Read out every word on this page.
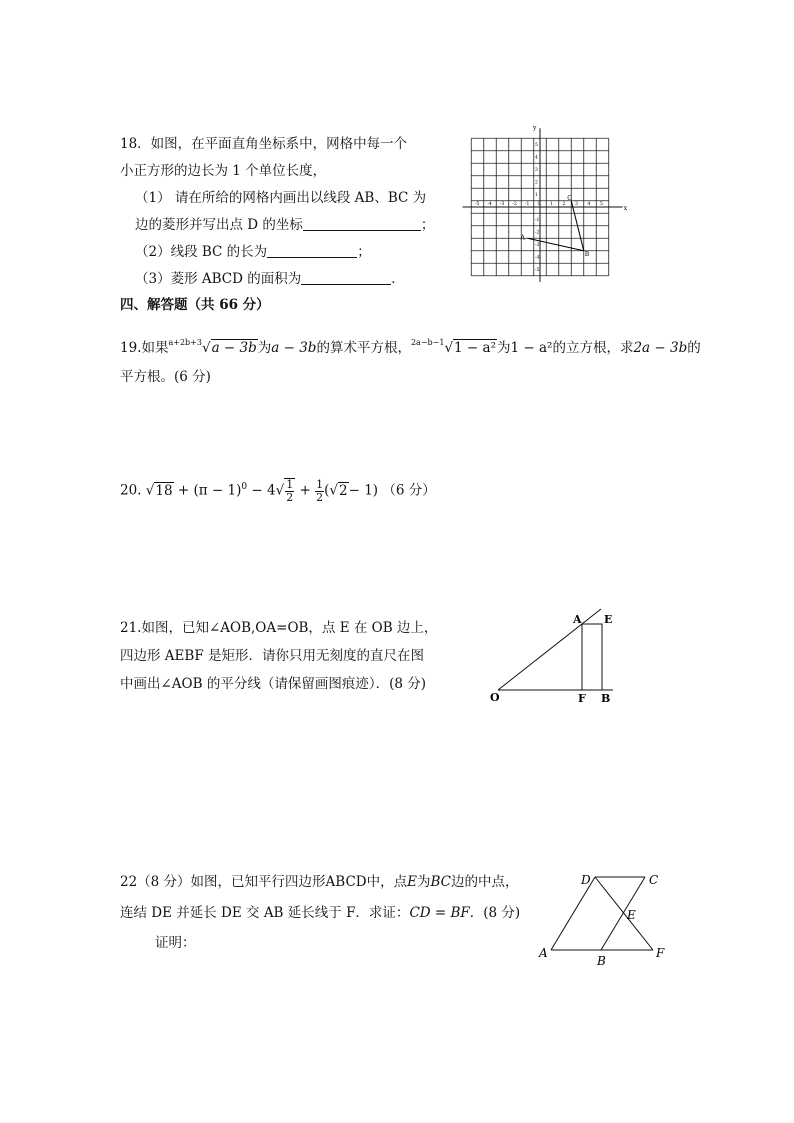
18．如图，在平面直角坐标系中，网格中每一个
小正方形的边长为 1 个单位长度，
（1） 请在所给的网格内画出以线段 AB、BC 为
边的菱形并写出点 D 的坐标	；
（2）线段 BC 的长为	；
（3）菱形 ABCD 的面积为	．
x
y
-5 -4 -3 -2 -1 0 1 2 3 4 5
5
4
3
2
1
-1
-2
-3
-4
-5
A
B
C
四、解答题（共 66 分）
19.如果$^{a+2b+3}$√a − 3b为a − 3b的算术平方根，$^{2a-b-1}$√1 − a²为1 − a²的立方根，求2a − 3b的
平方根。(6 分)
20. $√18 + (\pi - 1)^0 - 4√ \frac{1}{2} + \frac{1}{2} (√2- 1)$ （6 分）
21.如图，已知∠AOB,OA=OB，点 E 在 OB 边上，
四边形 AEBF 是矩形．请你只用无刻度的直尺在图
中画出∠AOB 的平分线（请保留画图痕迹）．(8 分)
O
A E
F B
22（8 分）如图，已知平行四边形ABCD中，点E为BC边的中点，
连结 DE 并延长 DE 交 AB 延长线于 F．求证：CD = BF．(8 分)
证明：
D	C
E
A
B
F
